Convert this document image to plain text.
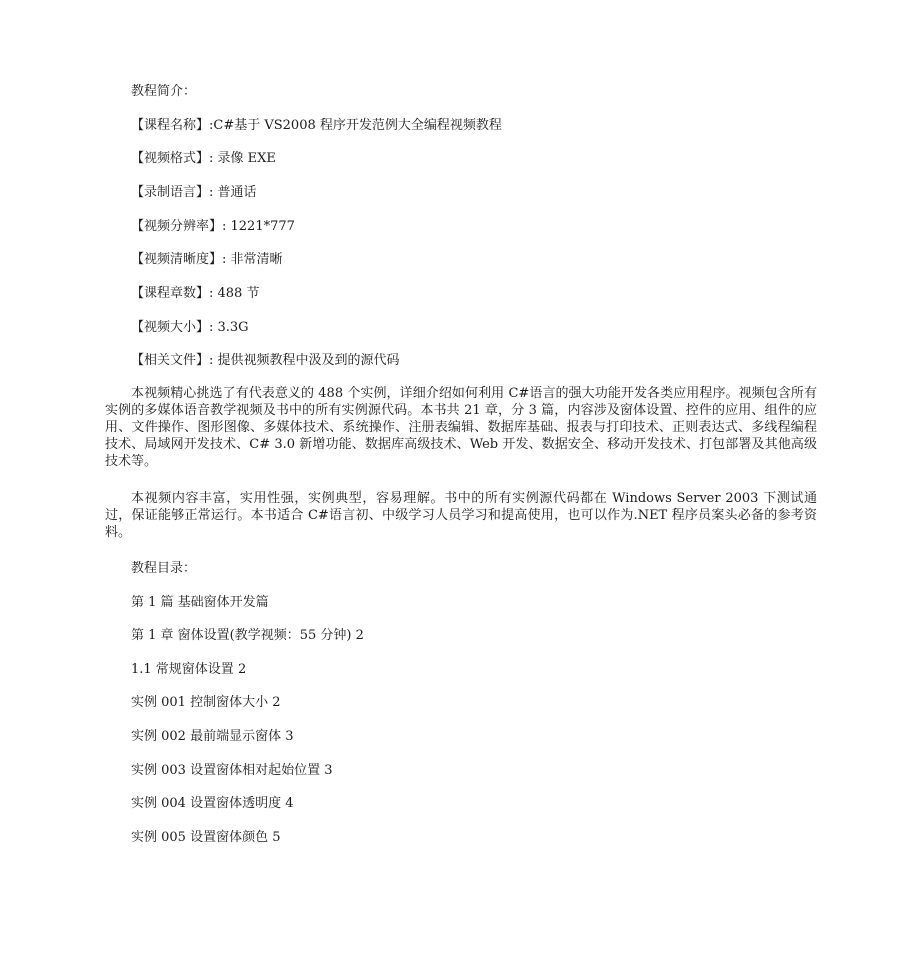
教程简介：
【课程名称】:C#基于 VS2008 程序开发范例大全编程视频教程
【视频格式】: 录像 EXE
【录制语言】: 普通话
【视频分辨率】: 1221*777
【视频清晰度】: 非常清晰
【课程章数】: 488 节
【视频大小】: 3.3G
【相关文件】: 提供视频教程中汲及到的源代码
本视频精心挑选了有代表意义的 488 个实例，详细介绍如何利用 C#语言的强大功能开发各类应用程序。视频包含所有实例的多媒体语音教学视频及书中的所有实例源代码。本书共 21 章，分 3 篇，内容涉及窗体设置、控件的应用、组件的应用、文件操作、图形图像、多媒体技术、系统操作、注册表编辑、数据库基础、报表与打印技术、正则表达式、多线程编程技术、局域网开发技术、C# 3.0 新增功能、数据库高级技术、Web 开发、数据安全、移动开发技术、打包部署及其他高级技术等。
本视频内容丰富，实用性强，实例典型，容易理解。书中的所有实例源代码都在 Windows Server 2003 下测试通过，保证能够正常运行。本书适合 C#语言初、中级学习人员学习和提高使用，也可以作为.NET 程序员案头必备的参考资料。
教程目录：
第 1 篇 基础窗体开发篇
第 1 章 窗体设置(教学视频：55 分钟) 2
1.1 常规窗体设置 2
实例 001 控制窗体大小 2
实例 002 最前端显示窗体 3
实例 003 设置窗体相对起始位置 3
实例 004 设置窗体透明度 4
实例 005 设置窗体颜色 5
